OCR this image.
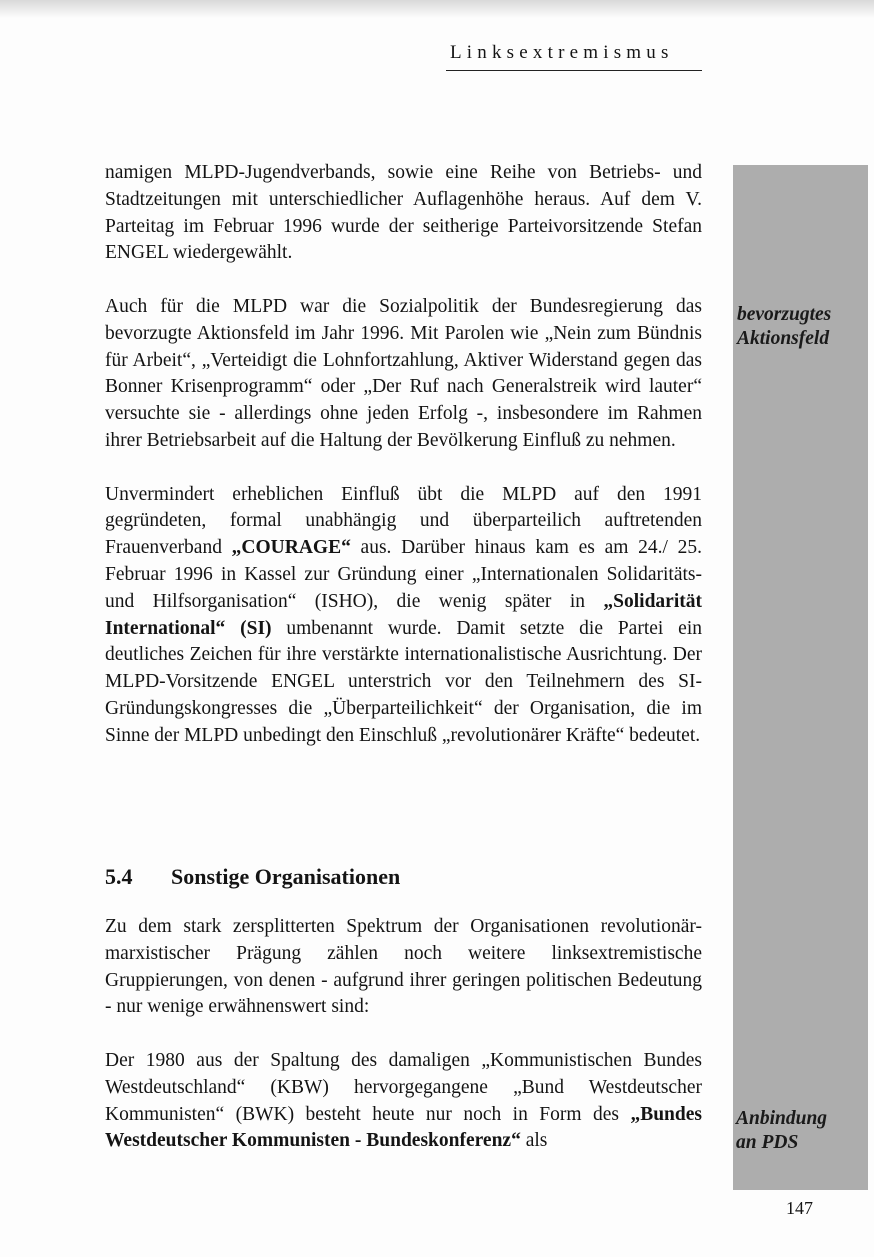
Linksextremismus
bevorzugtes
Aktionsfeld
Anbindung
an PDS

namigen MLPD-Jugendverbands, sowie eine Reihe von Betriebs- und Stadtzeitungen mit unterschiedlicher Auflagenhöhe heraus. Auf dem V. Parteitag im Februar 1996 wurde der seitherige Parteivorsitzende Stefan ENGEL wiedergewählt.

Auch für die MLPD war die Sozialpolitik der Bundesregierung das bevorzugte Aktionsfeld im Jahr 1996. Mit Parolen wie „Nein zum Bündnis für Arbeit“, „Verteidigt die Lohnfortzahlung, Aktiver Widerstand gegen das Bonner Krisenprogramm“ oder „Der Ruf nach Generalstreik wird lauter“ versuchte sie - allerdings ohne jeden Erfolg -, insbesondere im Rahmen ihrer Betriebsarbeit auf die Haltung der Bevölkerung Einfluß zu nehmen.

Unvermindert erheblichen Einfluß übt die MLPD auf den 1991 gegründeten, formal unabhängig und überparteilich auftretenden Frauenverband „COURAGE“ aus. Darüber hinaus kam es am 24./ 25. Februar 1996 in Kassel zur Gründung einer „Internationalen Solidaritäts- und Hilfsorganisation“ (ISHO), die wenig später in „Solidarität International“ (SI) umbenannt wurde. Damit setzte die Partei ein deutliches Zeichen für ihre verstärkte internationalistische Ausrichtung. Der MLPD-Vorsitzende ENGEL unterstrich vor den Teilnehmern des SI-Gründungskongresses die „Überparteilichkeit“ der Organisation, die im Sinne der MLPD unbedingt den Einschluß „revolutionärer Kräfte“ bedeutet.

5.4 Sonstige Organisationen

Zu dem stark zersplitterten Spektrum der Organisationen revolutionär-marxistischer Prägung zählen noch weitere linksextremistische Gruppierungen, von denen - aufgrund ihrer geringen politischen Bedeutung - nur wenige erwähnenswert sind:

Der 1980 aus der Spaltung des damaligen „Kommunistischen Bundes Westdeutschland“ (KBW) hervorgegangene „Bund Westdeutscher Kommunisten“ (BWK) besteht heute nur noch in Form des „Bundes Westdeutscher Kommunisten - Bundeskonferenz“ als

147
